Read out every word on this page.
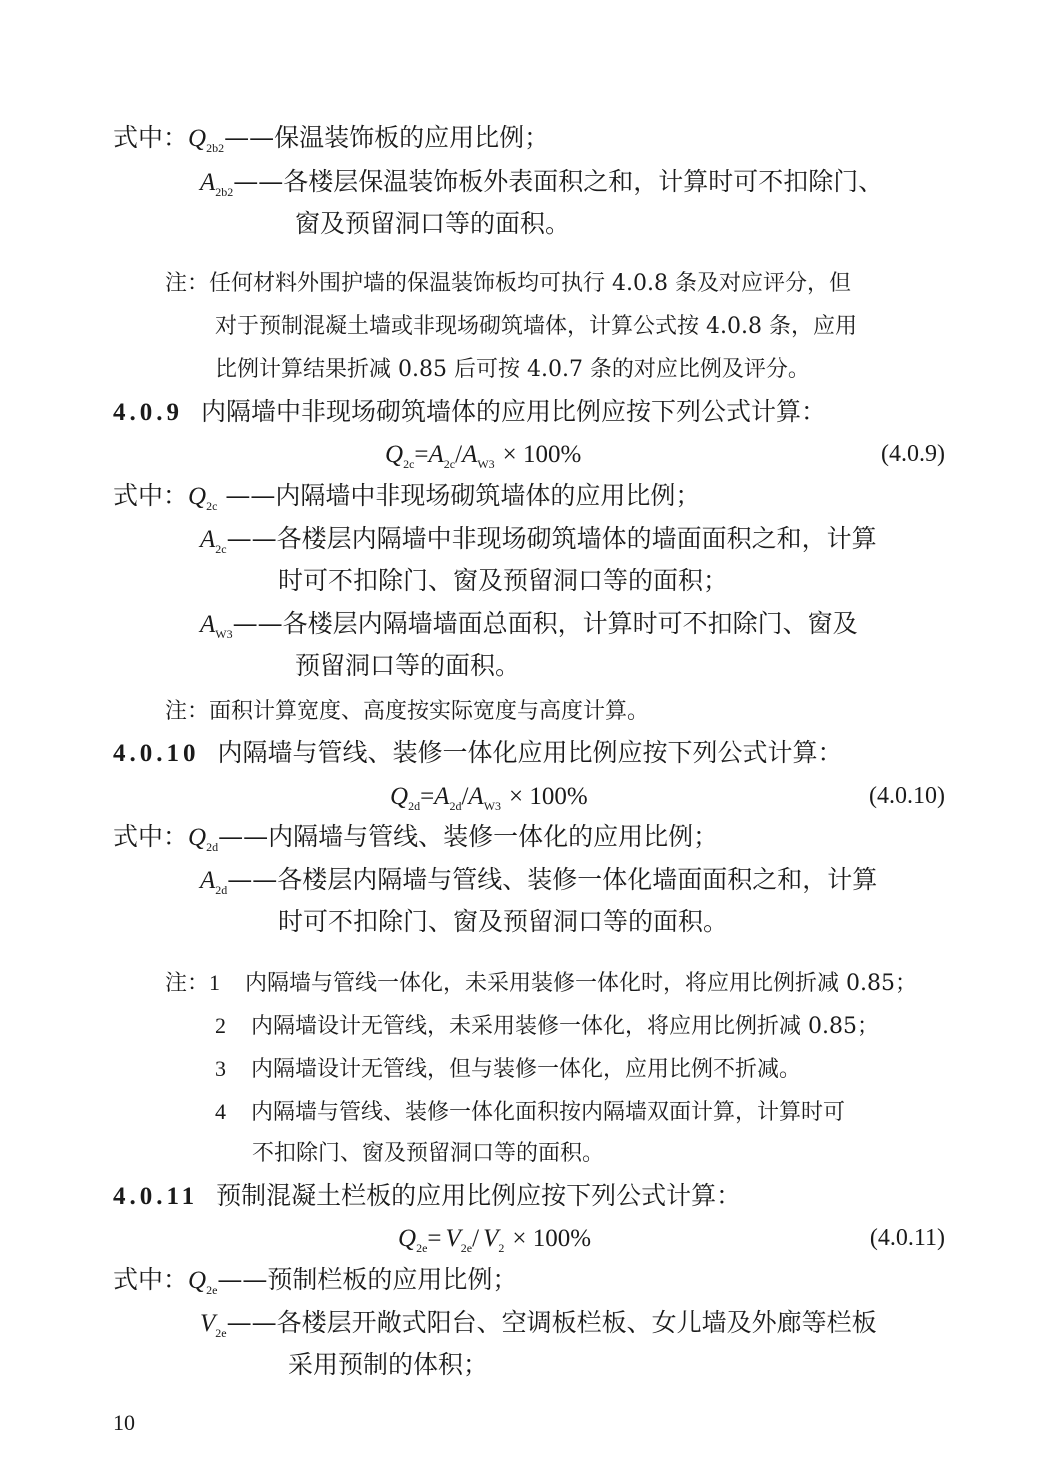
式中：$Q_{2b2}——$保温装饰板的应用比例；
$A_{2b2}——$各楼层保温装饰板外表面积之和，计算时可不扣除门、
窗及预留洞口等的面积。
注：任何材料外围护墙的保温装饰板均可执行 4.0.8 条及对应评分，但
对于预制混凝土墙或非现场砌筑墙体，计算公式按 4.0.8 条，应用
比例计算结果折减 0.85 后可按 4.0.7 条的对应比例及评分。
4.0.9 内隔墙中非现场砌筑墙体的应用比例应按下列公式计算：
$Q_{2c}=A_{2c}/A_{W3} \times 100\%$	(4.0.9)
式中：$Q_{2c}$ ——内隔墙中非现场砌筑墙体的应用比例；
$A_{2c}——$各楼层内隔墙中非现场砌筑墙体的墙面面积之和，计算
时可不扣除门、窗及预留洞口等的面积；
$A_{W3}——$各楼层内隔墙墙面总面积，计算时可不扣除门、窗及
预留洞口等的面积。
注：面积计算宽度、高度按实际宽度与高度计算。
4.0.10 内隔墙与管线、装修一体化应用比例应按下列公式计算：
$Q_{2d}=A_{2d}/A_{W3} \times 100\%$	(4.0.10)
式中：$Q_{2d}——$内隔墙与管线、装修一体化的应用比例；
$A_{2d}——$各楼层内隔墙与管线、装修一体化墙面面积之和，计算
时可不扣除门、窗及预留洞口等的面积。
注：1 内隔墙与管线一体化，未采用装修一体化时，将应用比例折减 0.85；
2 内隔墙设计无管线，未采用装修一体化，将应用比例折减 0.85；
3 内隔墙设计无管线，但与装修一体化，应用比例不折减。
4 内隔墙与管线、装修一体化面积按内隔墙双面计算，计算时可
不扣除门、窗及预留洞口等的面积。
4.0.11 预制混凝土栏板的应用比例应按下列公式计算：
$Q_{2e}= V_{2e}/$ $V_2 \times 100\%$	(4.0.11)
式中：$Q_{2e}——$预制栏板的应用比例；
$V_{2e}——$各楼层开敞式阳台、空调板栏板、女儿墙及外廊等栏板
采用预制的体积；
10
